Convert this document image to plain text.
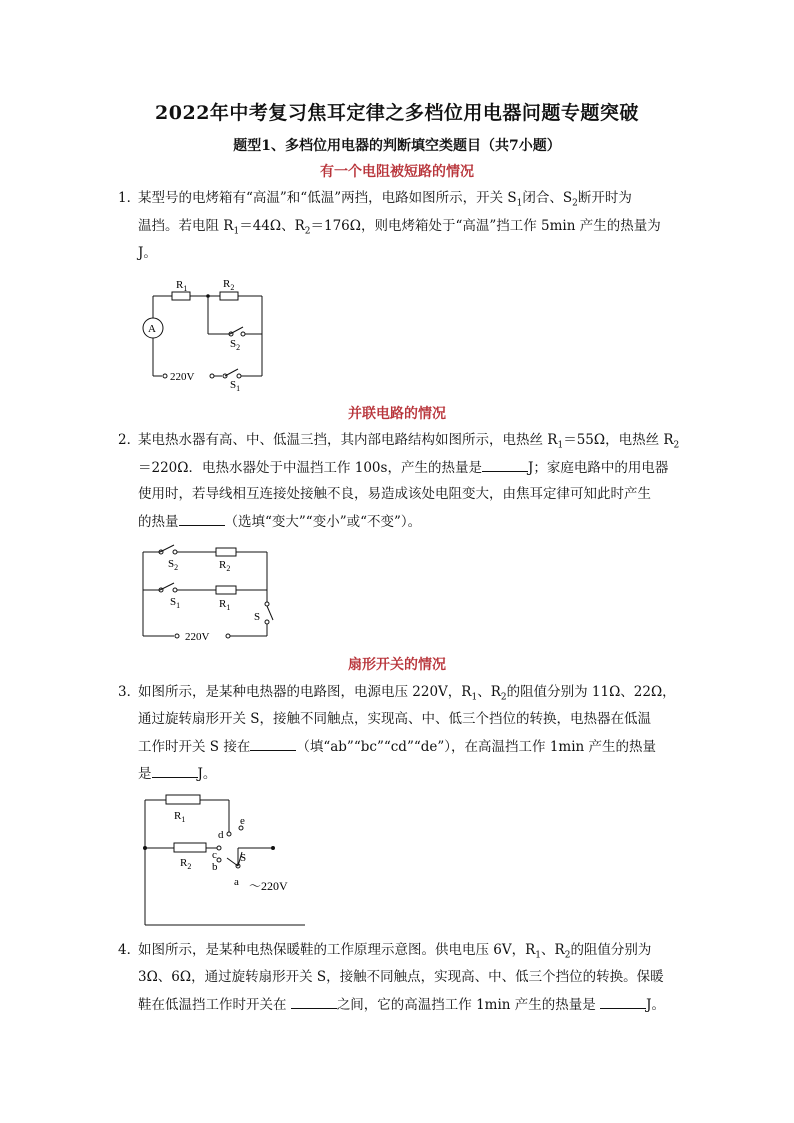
2022年中考复习焦耳定律之多档位用电器问题专题突破
题型1、多档位用电器的判断填空类题目（共7小题）
有一个电阻被短路的情况
1．某型号的电烤箱有“高温”和“低温”两挡，电路如图所示，开关 $S_1$闭合、$S_2$断开时为
温挡。若电阻 $R_1=44\Omega$、$R_2=176\Omega$，则电烤箱处于“高温”挡工作 5min 产生的热量为
J。
$R_1$	$R_2$
A
220V
$S_2$
$S_1$
并联电路的情况
2．某电热水器有高、中、低温三挡，其内部电路结构如图所示，电热丝 $R_1=55\Omega$，电热丝 $R_2$
＝220Ω．电热水器处于中温挡工作 100s，产生的热量是	J；家庭电路中的用电器
使用时，若导线相互连接处接触不良，易造成该处电阻变大，由焦耳定律可知此时产生
的热量	（选填“变大”“变小”或“不变”）。
$S_2$	$R_2$
$S_1$	$R_1$
S
220V
扇形开关的情况
3．如图所示，是某种电热器的电路图，电源电压 220V，$R_1$、$R_2$的阻值分别为 11Ω、22Ω，
通过旋转扇形开关 S，接触不同触点，实现高、中、低三个挡位的转换，电热器在低温
工作时开关 S 接在	（填“ab”“bc”“cd”“de”），在高温挡工作 1min 产生的热量
是	J。
$R_1$
$R_2$
d
e
c
b
a
S
～220V
4．如图所示，是某种电热保暖鞋的工作原理示意图。供电电压 6V，$R_1$、$R_2$的阻值分别为
3Ω、6Ω，通过旋转扇形开关 S，接触不同触点，实现高、中、低三个挡位的转换。保暖
鞋在低温挡工作时开关在	之间，它的高温挡工作 1min 产生的热量是	J。
